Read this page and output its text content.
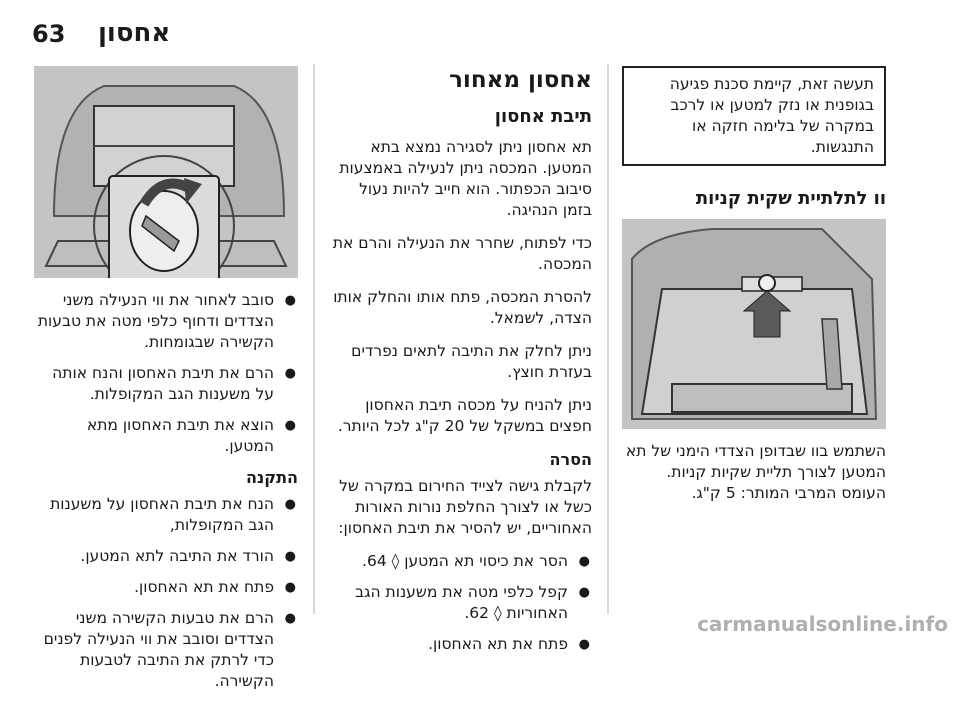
63 אחסון
● סובב לאחור את ווי הנעילה משני הצדדים ודחוף כלפי מטה את טבעות הקשירה שבגומחות.
● הרם את תיבת האחסון והנח אותה על משענות הגב המקופלות.
● הוצא את תיבת האחסון מתא המטען.
התקנה
● הנח את תיבת האחסון על משענות הגב המקופלות,
● הורד את התיבה לתא המטען.
● פתח את תא האחסון.
● הרם את טבעות הקשירה משני הצדדים וסובב את ווי הנעילה לפנים כדי לרתק את התיבה לטבעות הקשירה.
אחסון מאחור
תיבת אחסון

תא אחסון ניתן לסגירה נמצא בתא המטען. המכסה ניתן לנעילה באמצעות סיבוב הכפתור. הוא חייב להיות נעול בזמן הנהיגה.

כדי לפתוח, שחרר את הנעילה והרם את המכסה.

להסרת המכסה, פתח אותו והחלק אותו הצדה, לשמאל.

ניתן לחלק את התיבה לתאים נפרדים בעזרת חוצץ.

ניתן להניח על מכסה תיבת האחסון חפצים במשקל של 20 ק"ג לכל היותר.

הסרה

לקבלת גישה לצייד החירום במקרה של כשל או לצורך החלפת נורות האורות האחוריים, יש להסיר את תיבת האחסון:

● הסר את כיסוי תא המטען ◊ 64.
● קפל כלפי מטה את משענות הגב האחוריות ◊ 62.
● פתח את תא האחסון.
תעשה זאת, קיימת סכנת פגיעה בגופנית או נזק למטען או לרכב במקרה של בלימה חזקה או התנגשות.
וו לתלתיית שקית קניות

השתמש בוו שבדופן הצדדי הימני של תא המטען לצורך תליית שקיות קניות. העומס המרבי המותר: 5 ק"ג.

carmanualsonline.info
